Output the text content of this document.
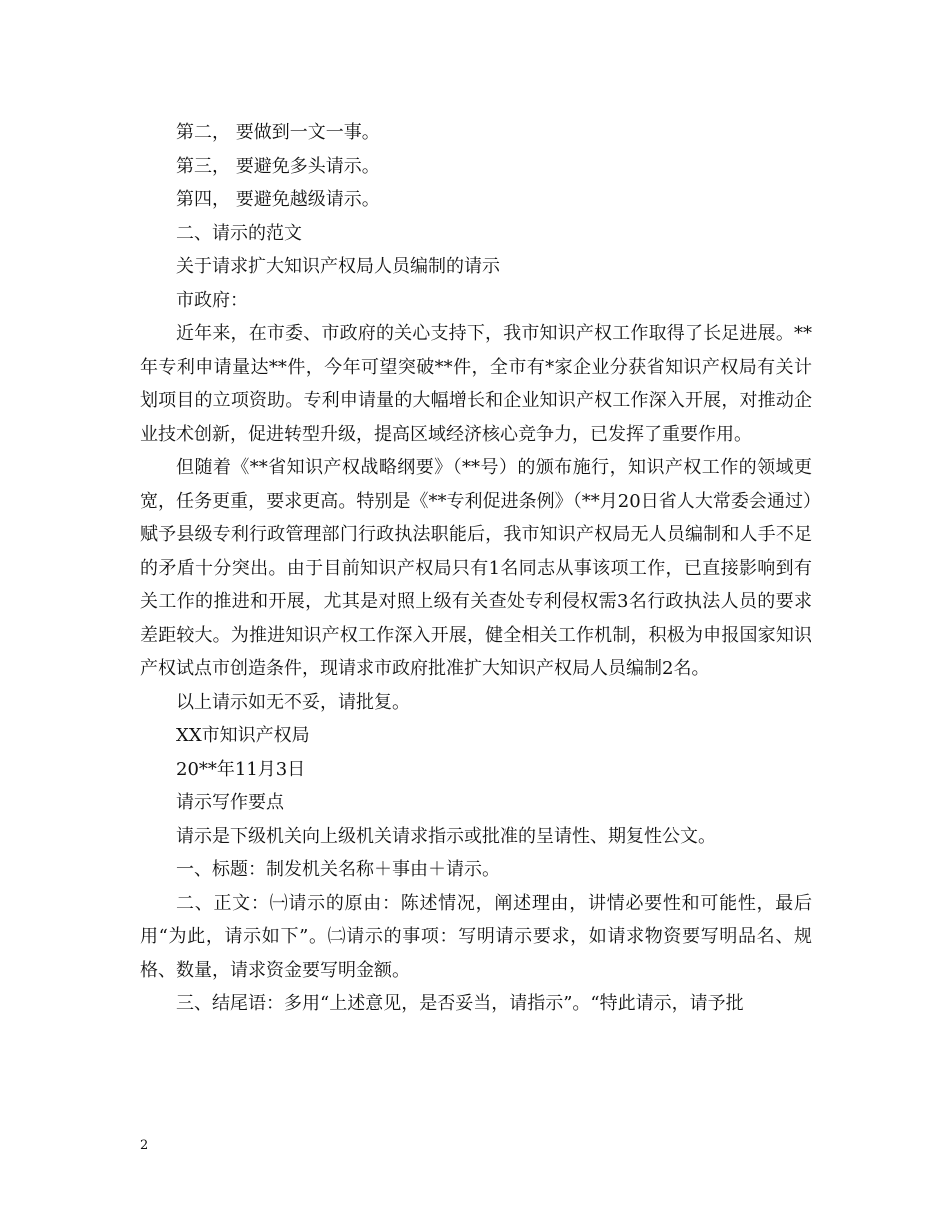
第二， 要做到一文一事。

第三， 要避免多头请示。

第四， 要避免越级请示。

二、请示的范文

关于请求扩大知识产权局人员编制的请示

市政府：

近年来，在市委、市政府的关心支持下，我市知识产权工作取得了长足进展。**年专利申请量达**件，今年可望突破**件，全市有*家企业分获省知识产权局有关计划项目的立项资助。专利申请量的大幅增长和企业知识产权工作深入开展，对推动企业技术创新，促进转型升级，提高区域经济核心竞争力，已发挥了重要作用。

但随着《**省知识产权战略纲要》（**号）的颁布施行，知识产权工作的领域更宽，任务更重，要求更高。特别是《**专利促进条例》（**月20日省人大常委会通过）赋予县级专利行政管理部门行政执法职能后，我市知识产权局无人员编制和人手不足的矛盾十分突出。由于目前知识产权局只有1名同志从事该项工作，已直接影响到有关工作的推进和开展，尤其是对照上级有关查处专利侵权需3名行政执法人员的要求差距较大。为推进知识产权工作深入开展，健全相关工作机制，积极为申报国家知识产权试点市创造条件，现请求市政府批准扩大知识产权局人员编制2名。

以上请示如无不妥，请批复。

XX市知识产权局

20**年11月3日

请示写作要点

请示是下级机关向上级机关请求指示或批准的呈请性、期复性公文。

一、标题：制发机关名称＋事由＋请示。

二、正文：㈠请示的原由：陈述情况，阐述理由，讲情必要性和可能性，最后用“为此，请示如下”。㈡请示的事项：写明请示要求，如请求物资要写明品名、规格、数量，请求资金要写明金额。

三、结尾语：多用“上述意见，是否妥当，请指示”。“特此请示，请予批

2
